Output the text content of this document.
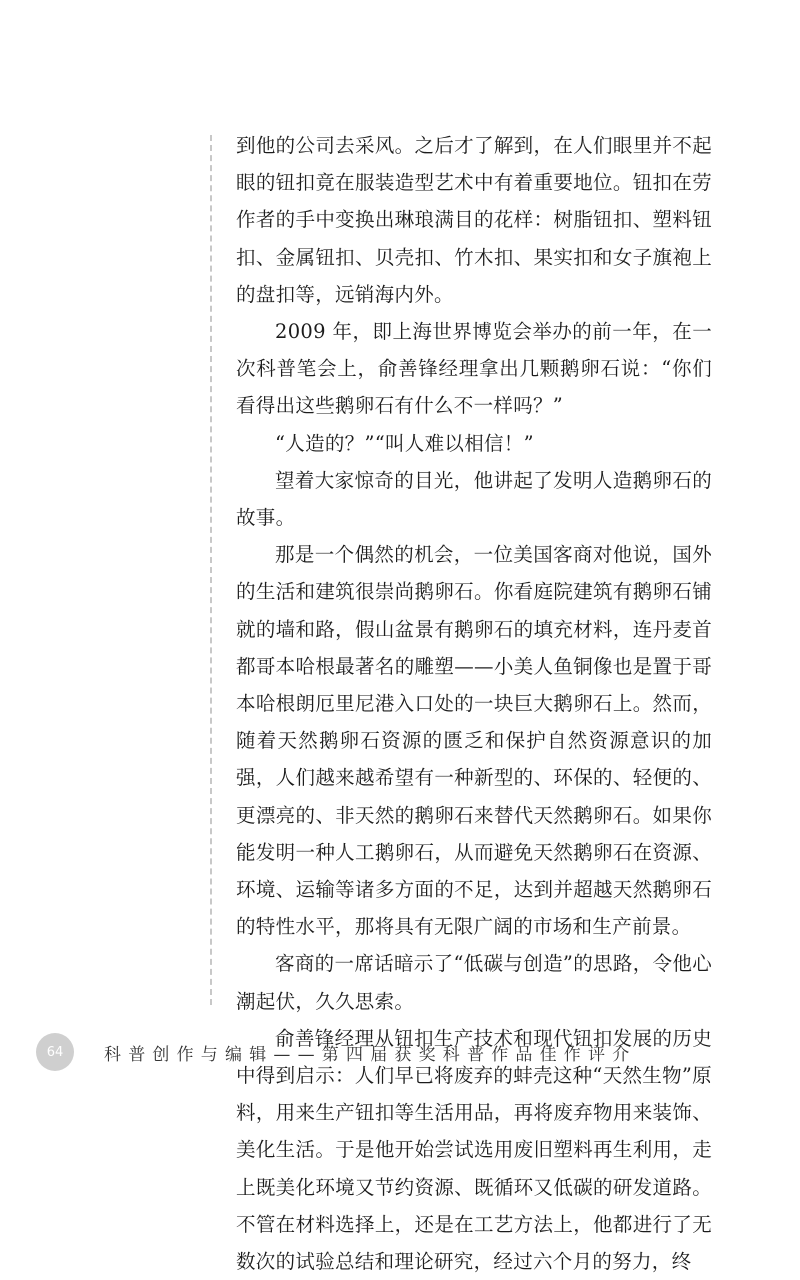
到他的公司去采风。之后才了解到，在人们眼里并不起眼的钮扣竟在服装造型艺术中有着重要地位。钮扣在劳作者的手中变换出琳琅满目的花样：树脂钮扣、塑料钮扣、金属钮扣、贝壳扣、竹木扣、果实扣和女子旗袍上的盘扣等，远销海内外。

2009 年，即上海世界博览会举办的前一年，在一次科普笔会上，俞善锋经理拿出几颗鹅卵石说：“你们看得出这些鹅卵石有什么不一样吗？”

“人造的？”“叫人难以相信！”

望着大家惊奇的目光，他讲起了发明人造鹅卵石的故事。

那是一个偶然的机会，一位美国客商对他说，国外的生活和建筑很崇尚鹅卵石。你看庭院建筑有鹅卵石铺就的墙和路，假山盆景有鹅卵石的填充材料，连丹麦首都哥本哈根最著名的雕塑——小美人鱼铜像也是置于哥本哈根朗厄里尼港入口处的一块巨大鹅卵石上。然而，随着天然鹅卵石资源的匮乏和保护自然资源意识的加强，人们越来越希望有一种新型的、环保的、轻便的、更漂亮的、非天然的鹅卵石来替代天然鹅卵石。如果你能发明一种人工鹅卵石，从而避免天然鹅卵石在资源、环境、运输等诸多方面的不足，达到并超越天然鹅卵石的特性水平，那将具有无限广阔的市场和生产前景。

客商的一席话暗示了“低碳与创造”的思路，令他心潮起伏，久久思索。

俞善锋经理从钮扣生产技术和现代钮扣发展的历史中得到启示：人们早已将废弃的蚌壳这种“天然生物”原料，用来生产钮扣等生活用品，再将废弃物用来装饰、美化生活。于是他开始尝试选用废旧塑料再生利用，走上既美化环境又节约资源、既循环又低碳的研发道路。不管在材料选择上，还是在工艺方法上，他都进行了无数次的试验总结和理论研究，经过六个月的努力，终

64	科普创作与编辑——第四届获奖科普作品佳作评介
